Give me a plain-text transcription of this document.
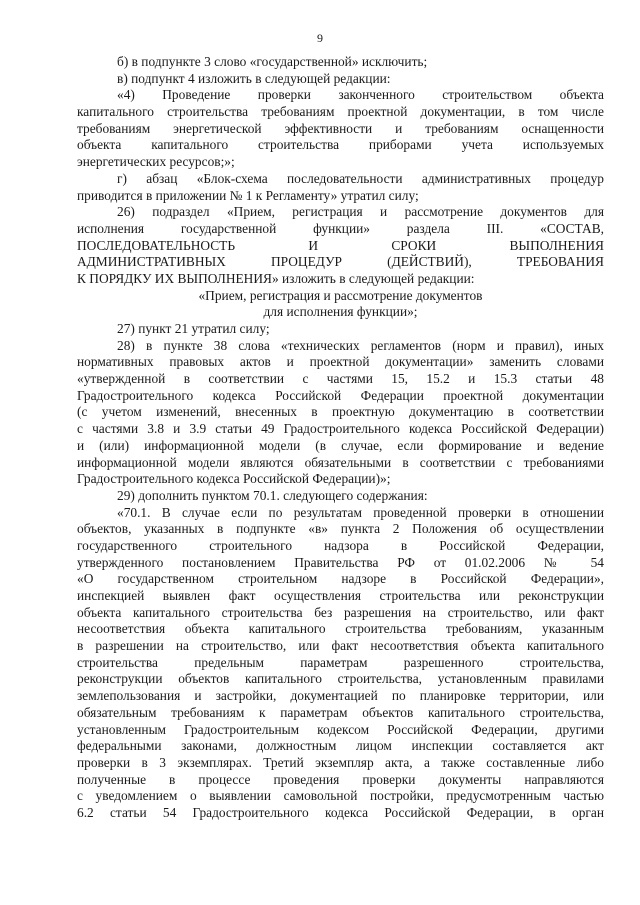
9
б) в подпункте 3 слово «государственной» исключить;
в) подпункт 4 изложить в следующей редакции:
«4) Проведение проверки законченного строительством объекта
капитального строительства требованиям проектной документации, в том числе
требованиям энергетической эффективности и требованиям оснащенности
объекта капитального строительства приборами учета используемых
энергетических ресурсов;»;
г) абзац «Блок-схема последовательности административных процедур
приводится в приложении № 1 к Регламенту» утратил силу;
26) подраздел «Прием, регистрация и рассмотрение документов для
исполнения государственной функции» раздела III. «СОСТАВ,
ПОСЛЕДОВАТЕЛЬНОСТЬ И СРОКИ ВЫПОЛНЕНИЯ
АДМИНИСТРАТИВНЫХ ПРОЦЕДУР (ДЕЙСТВИЙ), ТРЕБОВАНИЯ
К ПОРЯДКУ ИХ ВЫПОЛНЕНИЯ» изложить в следующей редакции:
«Прием, регистрация и рассмотрение документов
для исполнения функции»;
27) пункт 21 утратил силу;
28) в пункте 38 слова «технических регламентов (норм и правил), иных
нормативных правовых актов и проектной документации» заменить словами
«утвержденной в соответствии с частями 15, 15.2 и 15.3 статьи 48
Градостроительного кодекса Российской Федерации проектной документации
(с учетом изменений, внесенных в проектную документацию в соответствии
с частями 3.8 и 3.9 статьи 49 Градостроительного кодекса Российской Федерации)
и (или) информационной модели (в случае, если формирование и ведение
информационной модели являются обязательными в соответствии с требованиями
Градостроительного кодекса Российской Федерации)»;
29) дополнить пунктом 70.1. следующего содержания:
«70.1. В случае если по результатам проведенной проверки в отношении
объектов, указанных в подпункте «в» пункта 2 Положения об осуществлении
государственного строительного надзора в Российской Федерации,
утвержденного постановлением Правительства РФ от 01.02.2006 № 54
«О государственном строительном надзоре в Российской Федерации»,
инспекцией выявлен факт осуществления строительства или реконструкции
объекта капитального строительства без разрешения на строительство, или факт
несоответствия объекта капитального строительства требованиям, указанным
в разрешении на строительство, или факт несоответствия объекта капитального
строительства предельным параметрам разрешенного строительства,
реконструкции объектов капитального строительства, установленным правилами
землепользования и застройки, документацией по планировке территории, или
обязательным требованиям к параметрам объектов капитального строительства,
установленным Градостроительным кодексом Российской Федерации, другими
федеральными законами, должностным лицом инспекции составляется акт
проверки в 3 экземплярах. Третий экземпляр акта, а также составленные либо
полученные в процессе проведения проверки документы направляются
с уведомлением о выявлении самовольной постройки, предусмотренным частью
6.2 статьи 54 Градостроительного кодекса Российской Федерации, в орган
